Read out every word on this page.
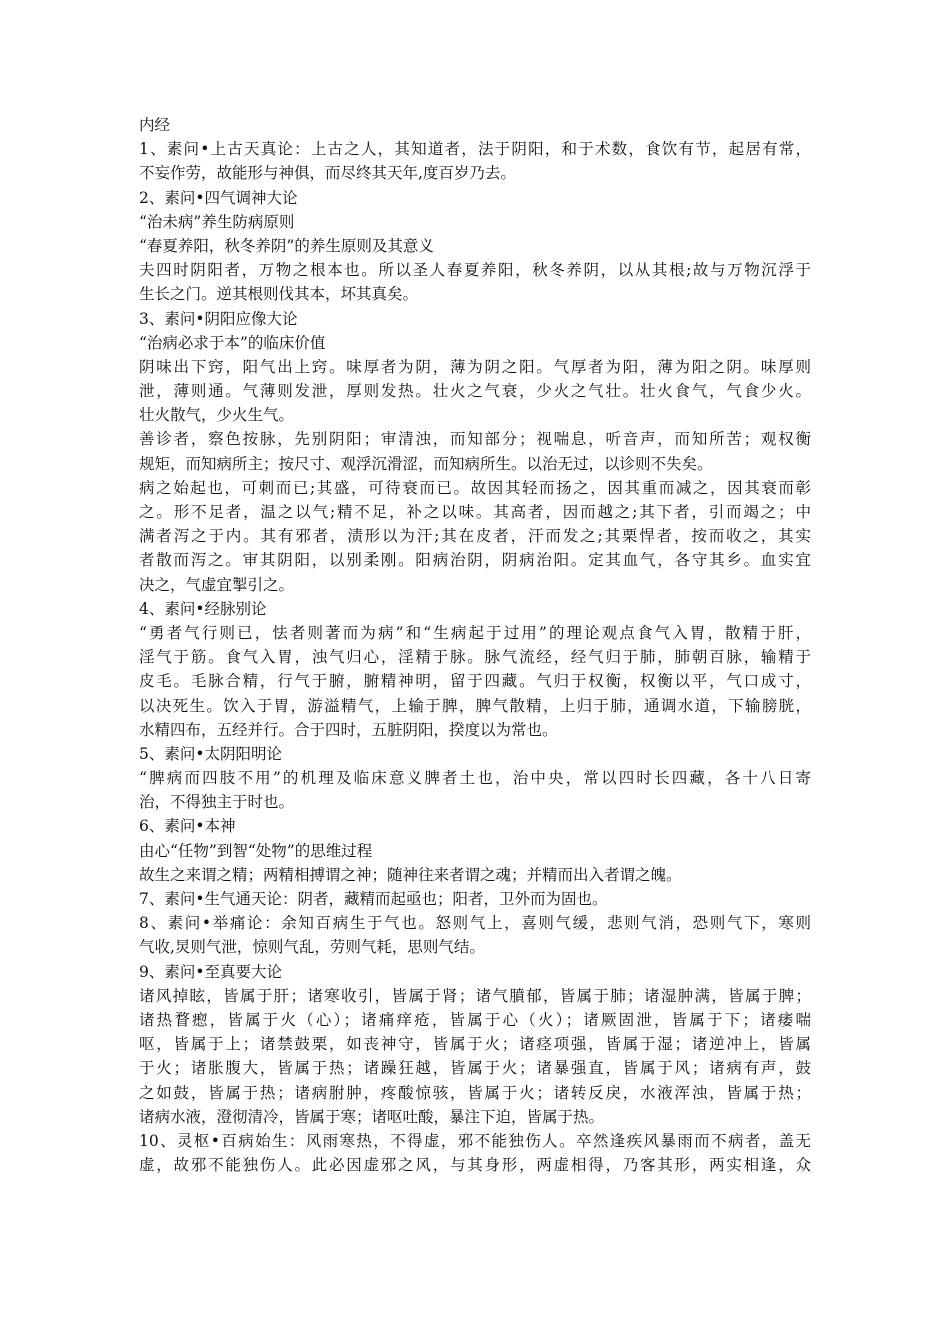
内经
1、素问•上古天真论：上古之人，其知道者，法于阴阳，和于术数，食饮有节，起居有常，
不妄作劳，故能形与神俱，而尽终其天年,度百岁乃去。
2、素问•四气调神大论
“治未病”养生防病原则
“春夏养阳，秋冬养阴”的养生原则及其意义
夫四时阴阳者，万物之根本也。所以圣人春夏养阳，秋冬养阴，以从其根;故与万物沉浮于
生长之门。逆其根则伐其本，坏其真矣。
3、素问•阴阳应像大论
“治病必求于本”的临床价值
阴味出下窍，阳气出上窍。味厚者为阴，薄为阴之阳。气厚者为阳，薄为阳之阴。味厚则
泄，薄则通。气薄则发泄，厚则发热。壮火之气衰，少火之气壮。壮火食气，气食少火。
壮火散气，少火生气。
善诊者，察色按脉，先别阴阳；审清浊，而知部分；视喘息，听音声，而知所苦；观权衡
规矩，而知病所主；按尺寸、观浮沉滑涩，而知病所生。以治无过，以诊则不失矣。
病之始起也，可刺而已;其盛，可待衰而已。故因其轻而扬之，因其重而减之，因其衰而彰
之。形不足者，温之以气;精不足，补之以味。其高者，因而越之;其下者，引而竭之；中
满者泻之于内。其有邪者，渍形以为汗;其在皮者，汗而发之;其栗悍者，按而收之，其实
者散而泻之。审其阴阳，以别柔刚。阳病治阴，阴病治阳。定其血气，各守其乡。血实宜
决之，气虚宜掣引之。
4、素问•经脉别论
“勇者气行则已，怯者则著而为病”和“生病起于过用”的理论观点食气入胃，散精于肝，
淫气于筋。食气入胃，浊气归心，淫精于脉。脉气流经，经气归于肺，肺朝百脉，输精于
皮毛。毛脉合精，行气于腑，腑精神明，留于四藏。气归于权衡，权衡以平，气口成寸，
以决死生。饮入于胃，游溢精气，上输于脾，脾气散精，上归于肺，通调水道，下输膀胱，
水精四布，五经并行。合于四时，五脏阴阳，揆度以为常也。
5、素问•太阴阳明论
“脾病而四肢不用”的机理及临床意义脾者土也，治中央，常以四时长四藏，各十八日寄
治，不得独主于时也。
6、素问•本神
由心“任物”到智“处物”的思维过程
故生之来谓之精；两精相搏谓之神；随神往来者谓之魂；并精而出入者谓之魄。
7、素问•生气通天论：阴者，藏精而起亟也；阳者，卫外而为固也。
8、素问•举痛论：余知百病生于气也。怒则气上，喜则气缓，悲则气消，恐则气下，寒则
气收,炅则气泄，惊则气乱，劳则气耗，思则气结。
9、素问•至真要大论
诸风掉眩，皆属于肝；诸寒收引，皆属于肾；诸气膹郁，皆属于肺；诸湿肿满，皆属于脾；
诸热瞀瘛，皆属于火（心）；诸痛痒疮，皆属于心（火）；诸厥固泄，皆属于下；诸痿喘
呕，皆属于上；诸禁鼓栗，如丧神守，皆属于火；诸痉项强，皆属于湿；诸逆冲上，皆属
于火；诸胀腹大，皆属于热；诸躁狂越，皆属于火；诸暴强直，皆属于风；诸病有声，鼓
之如鼓，皆属于热；诸病胕肿，疼酸惊骇，皆属于火；诸转反戾，水液浑浊，皆属于热；
诸病水液，澄彻清冷，皆属于寒；诸呕吐酸，暴注下迫，皆属于热。
10、灵枢•百病始生：风雨寒热，不得虚，邪不能独伤人。卒然逢疾风暴雨而不病者，盖无
虚，故邪不能独伤人。此必因虚邪之风，与其身形，两虚相得，乃客其形，两实相逢，众
